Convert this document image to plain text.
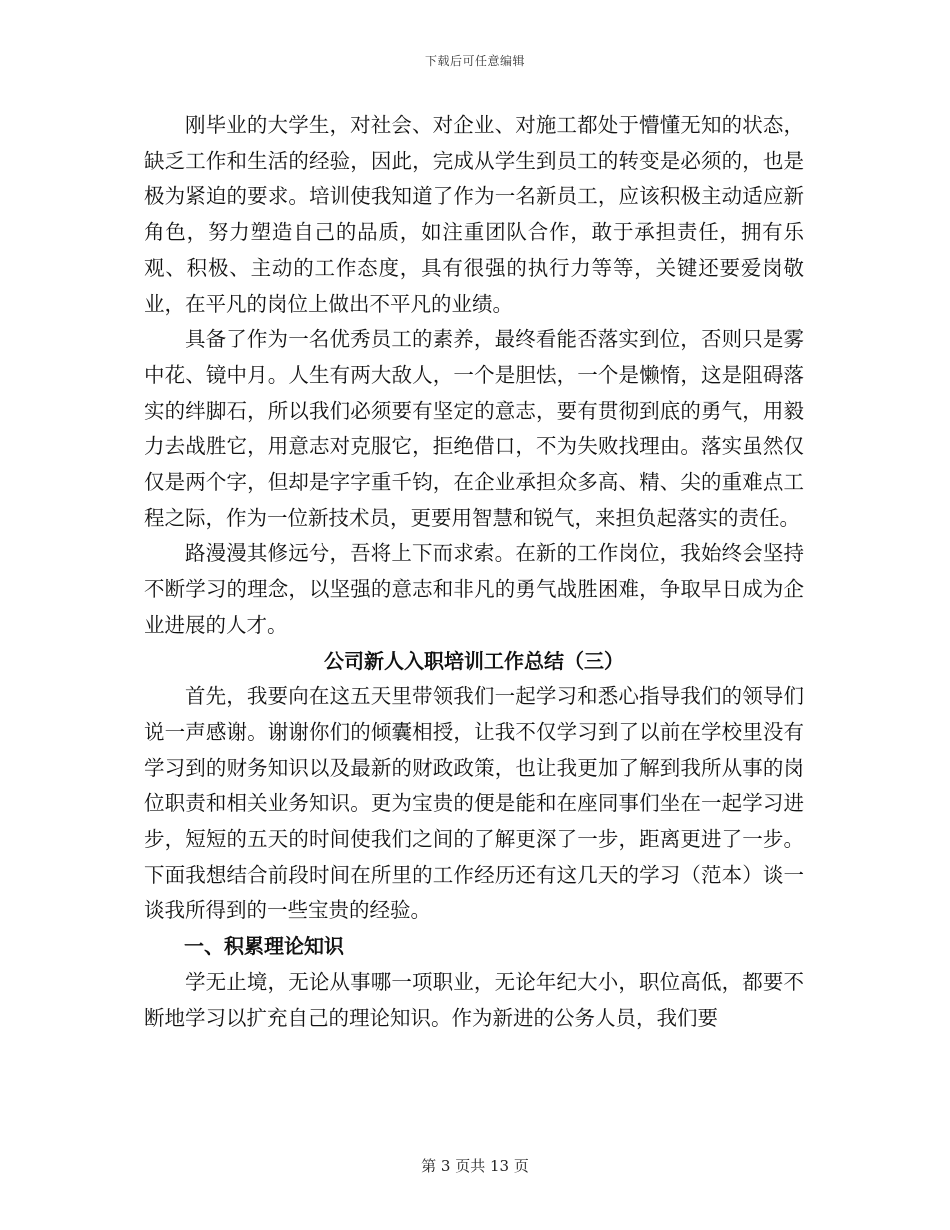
下载后可任意编辑

刚毕业的大学生，对社会、对企业、对施工都处于懵懂无知的状态，缺乏工作和生活的经验，因此，完成从学生到员工的转变是必须的，也是极为紧迫的要求。培训使我知道了作为一名新员工，应该积极主动适应新角色，努力塑造自己的品质，如注重团队合作，敢于承担责任，拥有乐观、积极、主动的工作态度，具有很强的执行力等等，关键还要爱岗敬业，在平凡的岗位上做出不平凡的业绩。

具备了作为一名优秀员工的素养，最终看能否落实到位，否则只是雾中花、镜中月。人生有两大敌人，一个是胆怯，一个是懒惰，这是阻碍落实的绊脚石，所以我们必须要有坚定的意志，要有贯彻到底的勇气，用毅力去战胜它，用意志对克服它，拒绝借口，不为失败找理由。落实虽然仅仅是两个字，但却是字字重千钧，在企业承担众多高、精、尖的重难点工程之际，作为一位新技术员，更要用智慧和锐气，来担负起落实的责任。

路漫漫其修远兮，吾将上下而求索。在新的工作岗位，我始终会坚持不断学习的理念，以坚强的意志和非凡的勇气战胜困难，争取早日成为企业进展的人才。

公司新人入职培训工作总结（三）

首先，我要向在这五天里带领我们一起学习和悉心指导我们的领导们说一声感谢。谢谢你们的倾囊相授，让我不仅学习到了以前在学校里没有学习到的财务知识以及最新的财政政策，也让我更加了解到我所从事的岗位职责和相关业务知识。更为宝贵的便是能和在座同事们坐在一起学习进步，短短的五天的时间使我们之间的了解更深了一步，距离更进了一步。下面我想结合前段时间在所里的工作经历还有这几天的学习（范本）谈一谈我所得到的一些宝贵的经验。

一、积累理论知识

学无止境，无论从事哪一项职业，无论年纪大小，职位高低，都要不断地学习以扩充自己的理论知识。作为新进的公务人员，我们要

第 3 页共 13 页
